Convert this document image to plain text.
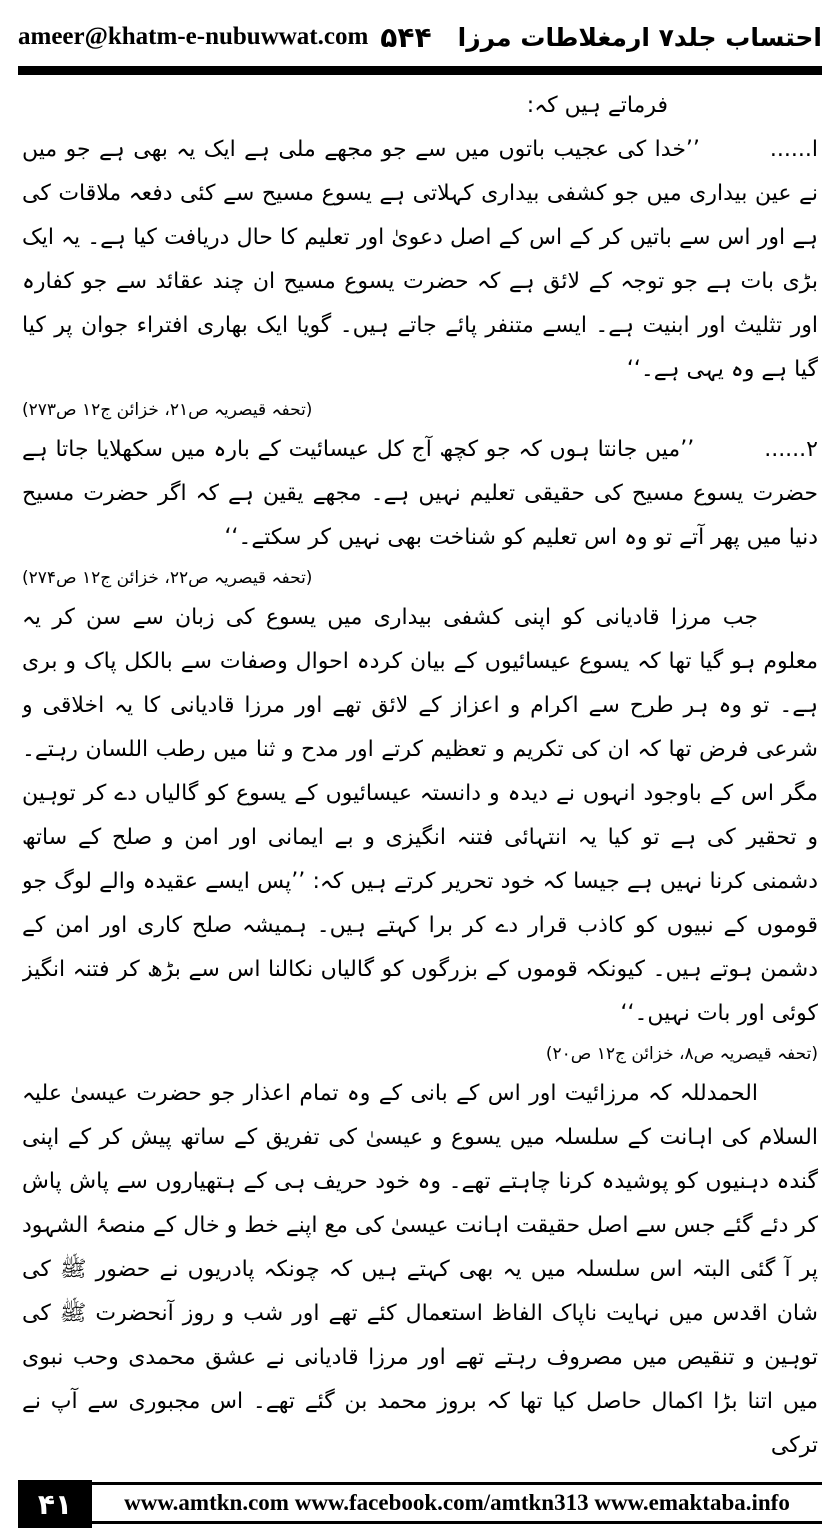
ameer@khatm-e-nubuwwat.com ۵۴۴ احتساب جلد۷ ارمغلاطات مرزا

فرماتے ہیں کہ:

ا......’’خدا کی عجیب باتوں میں سے جو مجھے ملی ہے ایک یہ بھی ہے جو میں نے عین بیداری میں جو کشفی بیداری کہلاتی ہے یسوع مسیح سے کئی دفعہ ملاقات کی ہے اور اس سے باتیں کر کے اس کے اصل دعویٰ اور تعلیم کا حال دریافت کیا ہے۔ یہ ایک بڑی بات ہے جو توجہ کے لائق ہے کہ حضرت یسوع مسیح ان چند عقائد سے جو کفارہ اور تثلیث اور ابنیت ہے۔ ایسے متنفر پائے جاتے ہیں۔ گویا ایک بھاری افتراء جوان پر کیا گیا ہے وہ یہی ہے۔‘‘

(تحفہ قیصریہ ص۲۱، خزائن ج۱۲ ص۲۷۳)

۲......’’میں جانتا ہوں کہ جو کچھ آج کل عیسائیت کے بارہ میں سکھلایا جاتا ہے حضرت یسوع مسیح کی حقیقی تعلیم نہیں ہے۔ مجھے یقین ہے کہ اگر حضرت مسیح دنیا میں پھر آتے تو وہ اس تعلیم کو شناخت بھی نہیں کر سکتے۔‘‘

(تحفہ قیصریہ ص۲۲، خزائن ج۱۲ ص۲۷۴)

جب مرزا قادیانی کو اپنی کشفی بیداری میں یسوع کی زبان سے سن کر یہ معلوم ہو گیا تھا کہ یسوع عیسائیوں کے بیان کردہ احوال وصفات سے بالکل پاک و بری ہے۔ تو وہ ہر طرح سے اکرام و اعزاز کے لائق تھے اور مرزا قادیانی کا یہ اخلاقی و شرعی فرض تھا کہ ان کی تکریم و تعظیم کرتے اور مدح و ثنا میں رطب اللسان رہتے۔ مگر اس کے باوجود انہوں نے دیدہ و دانستہ عیسائیوں کے یسوع کو گالیاں دے کر توہین و تحقیر کی ہے تو کیا یہ انتہائی فتنہ انگیزی و بے ایمانی اور امن و صلح کے ساتھ دشمنی کرنا نہیں ہے جیسا کہ خود تحریر کرتے ہیں کہ: ’’پس ایسے عقیدہ والے لوگ جو قوموں کے نبیوں کو کاذب قرار دے کر برا کہتے ہیں۔ ہمیشہ صلح کاری اور امن کے دشمن ہوتے ہیں۔ کیونکہ قوموں کے بزرگوں کو گالیاں نکالنا اس سے بڑھ کر فتنہ انگیز کوئی اور بات نہیں۔‘‘

(تحفہ قیصریہ ص۸، خزائن ج۱۲ ص۲۰)

الحمدللہ کہ مرزائیت اور اس کے بانی کے وہ تمام اعذار جو حضرت عیسیٰ علیہ السلام کی اہانت کے سلسلہ میں یسوع و عیسیٰ کی تفریق کے ساتھ پیش کر کے اپنی گندہ دہنیوں کو پوشیدہ کرنا چاہتے تھے۔ وہ خود حریف ہی کے ہتھیاروں سے پاش پاش کر دئے گئے جس سے اصل حقیقت اہانت عیسیٰ کی مع اپنے خط و خال کے منصۂ الشہود پر آ گئی البتہ اس سلسلہ میں یہ بھی کہتے ہیں کہ چونکہ پادریوں نے حضور ﷺ کی شان اقدس میں نہایت ناپاک الفاظ استعمال کئے تھے اور شب و روز آنحضرت ﷺ کی توہین و تنقیص میں مصروف رہتے تھے اور مرزا قادیانی نے عشق محمدی وحب نبوی میں اتنا بڑا اکمال حاصل کیا تھا کہ بروز محمد بن گئے تھے۔ اس مجبوری سے آپ نے ترکی

۴۱	www.amtkn.com www.facebook.com/amtkn313 www.emaktaba.info
